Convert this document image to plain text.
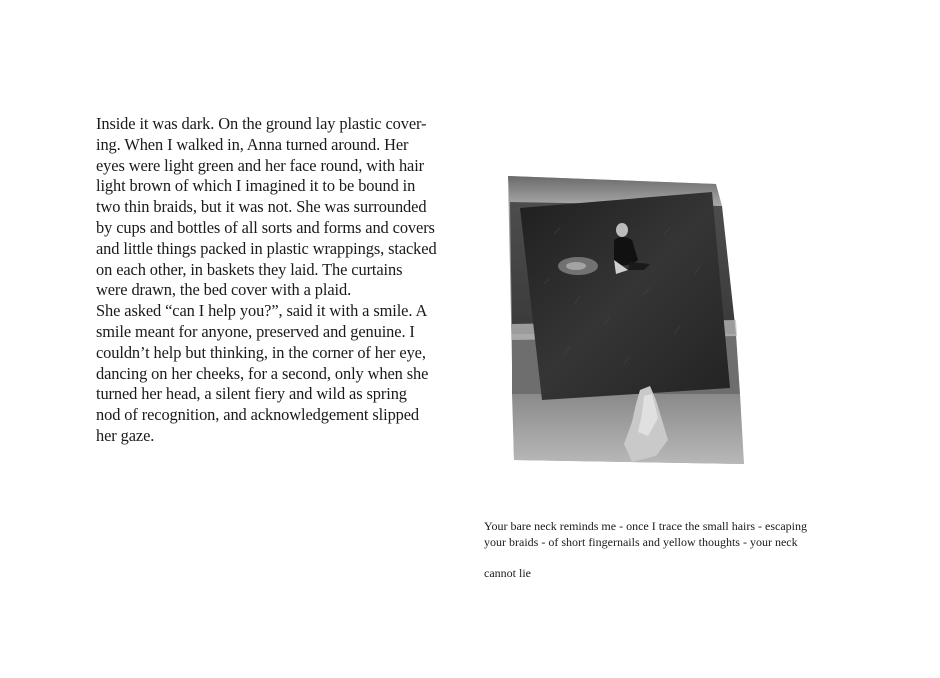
Inside it was dark. On the ground lay plastic cover-
ing. When I walked in, Anna turned around. Her
eyes were light green and her face round, with hair
light brown of which I imagined it to be bound in
two thin braids, but it was not. She was surrounded
by cups and bottles of all sorts and forms and covers
and little things packed in plastic wrappings, stacked
on each other, in baskets they laid. The curtains
were drawn, the bed cover with a plaid.
She asked “can I help you?”, said it with a smile. A
smile meant for anyone, preserved and genuine. I
couldn’t help but thinking, in the corner of her eye,
dancing on her cheeks, for a second, only when she
turned her head, a silent fiery and wild as spring
nod of recognition, and acknowledgement slipped
her gaze.
Your bare neck reminds me - once I trace the small hairs - escaping
your braids - of short fingernails and yellow thoughts - your neck
cannot lie
